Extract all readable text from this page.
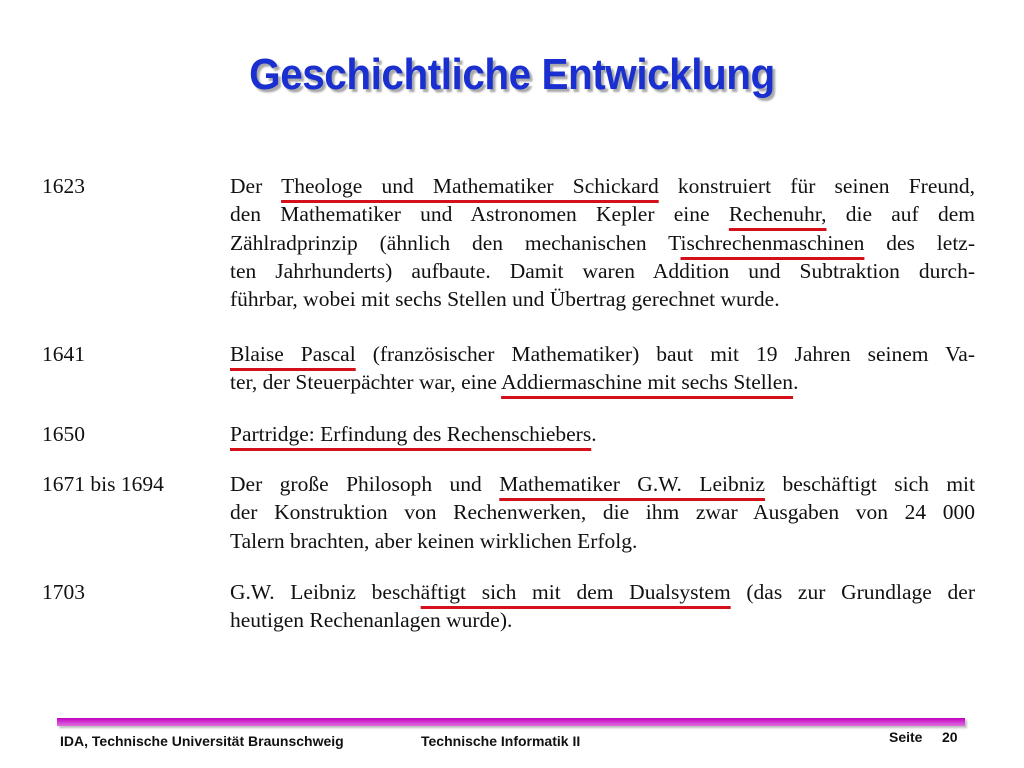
Geschichtliche Entwicklung
1623	Der Theologe und Mathematiker Schickard konstruiert für seinen Freund,
den Mathematiker und Astronomen Kepler eine Rechenuhr, die auf dem
Zählradprinzip (ähnlich den mechanischen Tischrechenmaschinen des letz-
ten Jahrhunderts) aufbaute. Damit waren Addition und Subtraktion durch-
führbar, wobei mit sechs Stellen und Übertrag gerechnet wurde.
1641	Blaise Pascal (französischer Mathematiker) baut mit 19 Jahren seinem Va-
ter, der Steuerpächter war, eine Addiermaschine mit sechs Stellen.
1650	Partridge: Erfindung des Rechenschiebers.
1671 bis 1694	Der große Philosoph und Mathematiker G.W. Leibniz beschäftigt sich mit
der Konstruktion von Rechenwerken, die ihm zwar Ausgaben von 24 000
Talern brachten, aber keinen wirklichen Erfolg.
1703	G.W. Leibniz beschäftigt sich mit dem Dualsystem (das zur Grundlage der
heutigen Rechenanlagen wurde).
IDA, Technische Universität Braunschweig	Technische Informatik II	Seite 20
